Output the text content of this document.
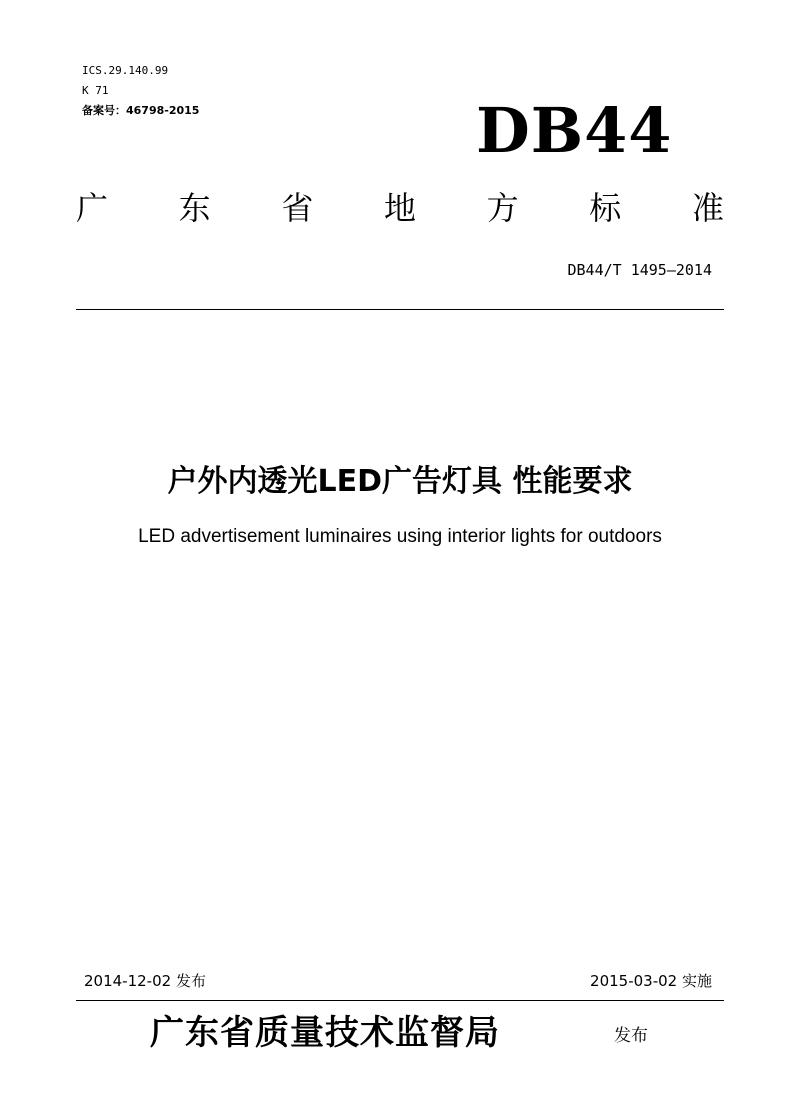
ICS.29.140.99
K 71
备案号：46798-2015	DB44
广 东 省 地 方 标 准
DB44/T 1495—2014
户外内透光LED广告灯具 性能要求
LED advertisement luminaires using interior lights for outdoors
2014-12-02 发布	2015-03-02 实施
广东省质量技术监督局	发布
